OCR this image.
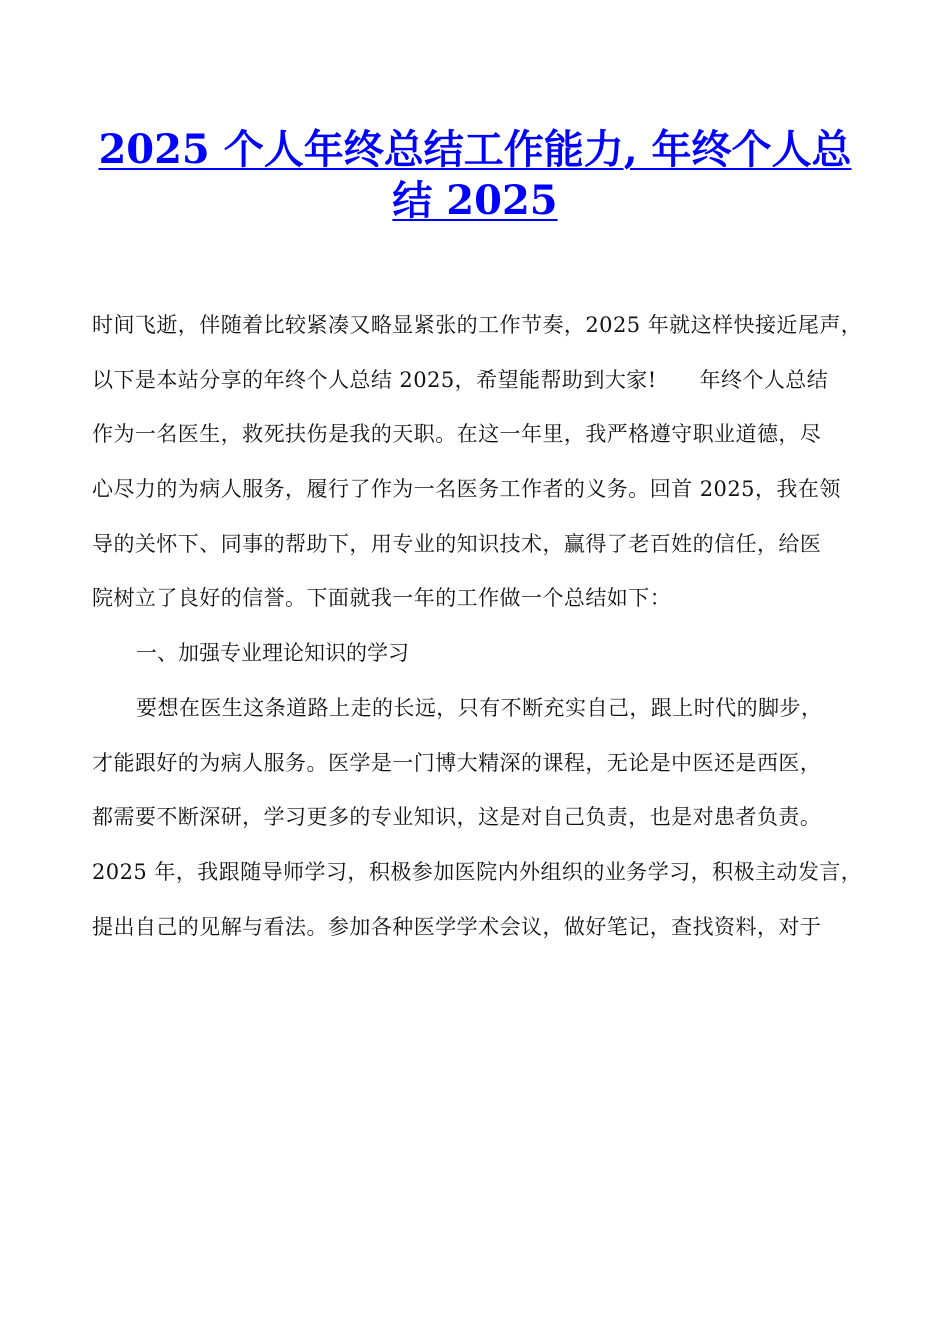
2025 个人年终总结工作能力, 年终个人总
结 2025
时间飞逝，伴随着比较紧凑又略显紧张的工作节奏，2025 年就这样快接近尾声，
以下是本站分享的年终个人总结 2025，希望能帮助到大家!　　年终个人总结
作为一名医生，救死扶伤是我的天职。在这一年里，我严格遵守职业道德，尽
心尽力的为病人服务，履行了作为一名医务工作者的义务。回首 2025，我在领
导的关怀下、同事的帮助下，用专业的知识技术，赢得了老百姓的信任，给医
院树立了良好的信誉。下面就我一年的工作做一个总结如下：
一、加强专业理论知识的学习
要想在医生这条道路上走的长远，只有不断充实自己，跟上时代的脚步，
才能跟好的为病人服务。医学是一门博大精深的课程，无论是中医还是西医，
都需要不断深研，学习更多的专业知识，这是对自己负责，也是对患者负责。
2025 年，我跟随导师学习，积极参加医院内外组织的业务学习，积极主动发言，
提出自己的见解与看法。参加各种医学学术会议，做好笔记，查找资料，对于
